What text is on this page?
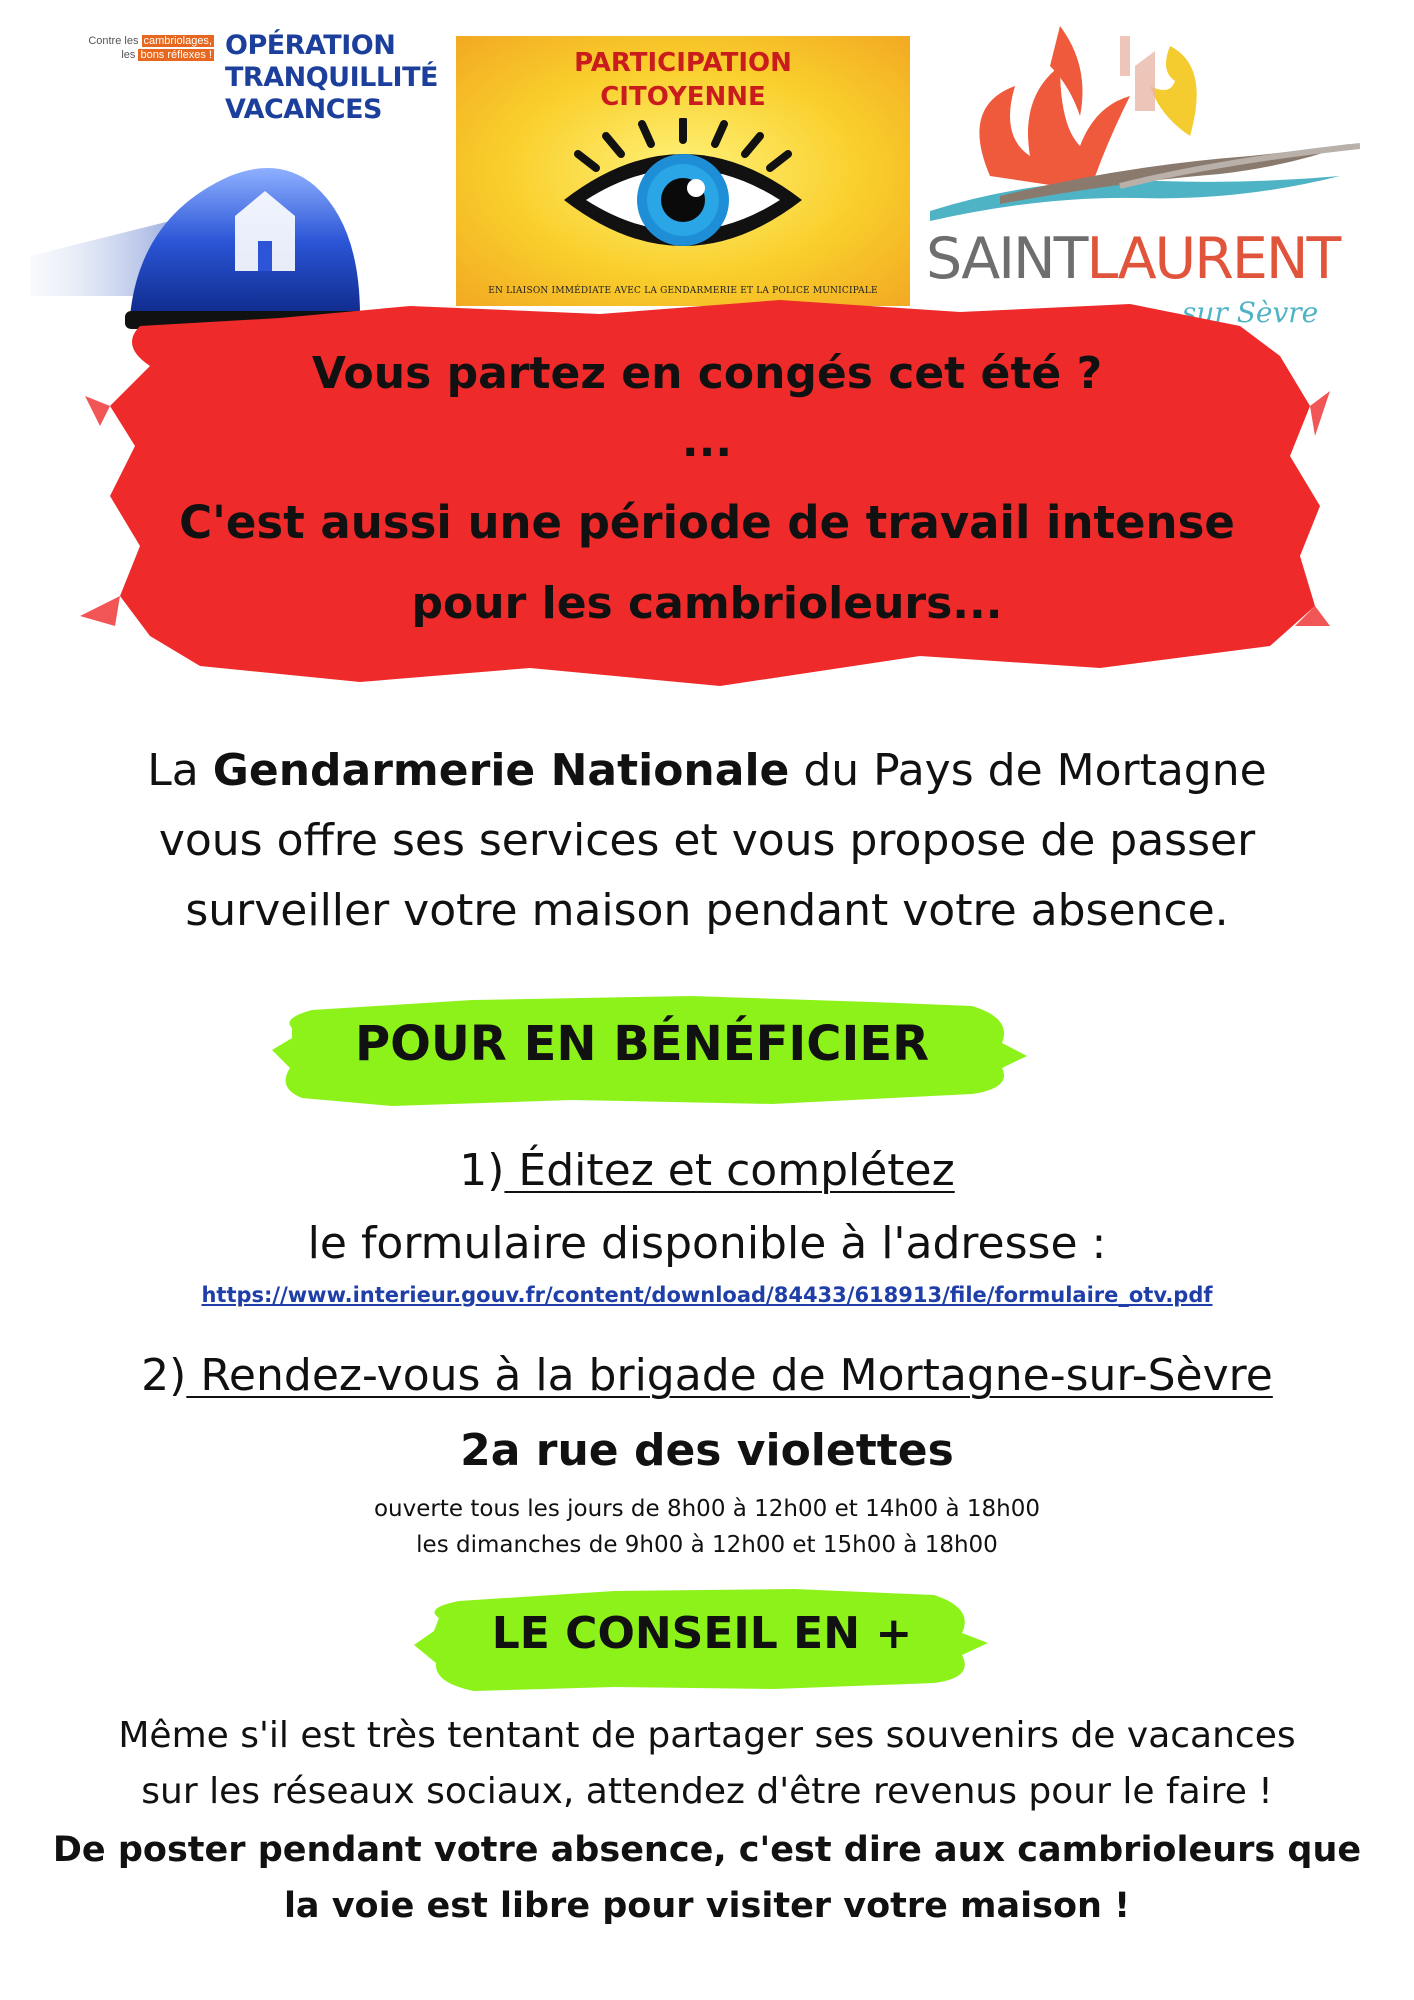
Contre les cambriolages,
les bons réflexes ! OPÉRATION
TRANQUILLITÉ
VACANCES
PARTICIPATION
CITOYENNE
EN LIAISON IMMÉDIATE AVEC LA GENDARMERIE ET LA POLICE MUNICIPALE SAINTLAURENT
sur Sèvre
Vous partez en congés cet été ?
...
C'est aussi une période de travail intense
pour les cambrioleurs...
La Gendarmerie Nationale du Pays de Mortagne
vous offre ses services et vous propose de passer
surveiller votre maison pendant votre absence.
POUR EN BÉNÉFICIER
1) Éditez et complétez
le formulaire disponible à l'adresse :
https://www.interieur.gouv.fr/content/download/84433/618913/file/formulaire_otv.pdf
2) Rendez-vous à la brigade de Mortagne-sur-Sèvre
2a rue des violettes
ouverte tous les jours de 8h00 à 12h00 et 14h00 à 18h00
les dimanches de 9h00 à 12h00 et 15h00 à 18h00
LE CONSEIL EN +
Même s'il est très tentant de partager ses souvenirs de vacances
sur les réseaux sociaux, attendez d'être revenus pour le faire !
De poster pendant votre absence, c'est dire aux cambrioleurs que
la voie est libre pour visiter votre maison !
